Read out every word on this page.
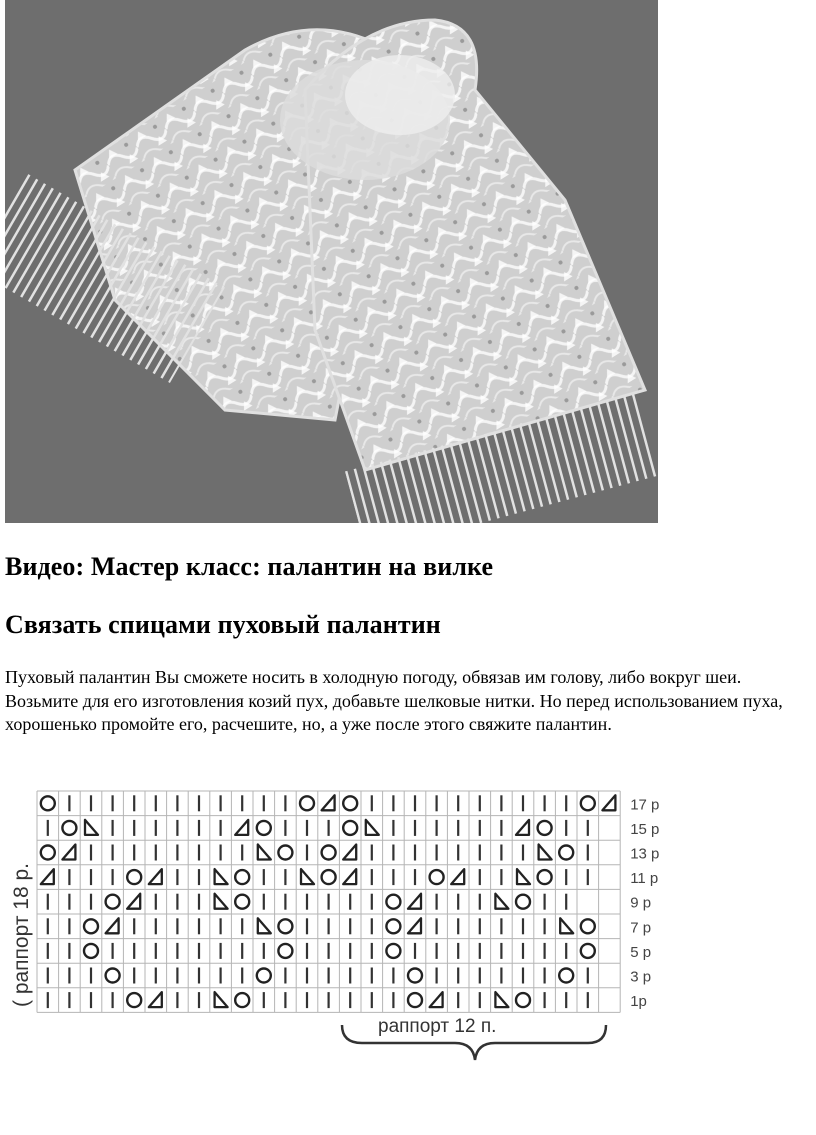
Видео: Мастер класс: палантин на вилке
Связать спицами пуховый палантин

Пуховый палантин Вы сможете носить в холодную погоду, обвязав им голову, либо вокруг шеи. Возьмите для его изготовления козий пух, добавьте шелковые нитки. Но перед использованием пуха, хорошенько промойте его, расчешите, но, а уже после этого свяжите палантин.

17 р
15 р
13 р
11 р
9 р
7 р
5 р
3 р
1р
( раппорт 18 р.
раппорт 12 п.
